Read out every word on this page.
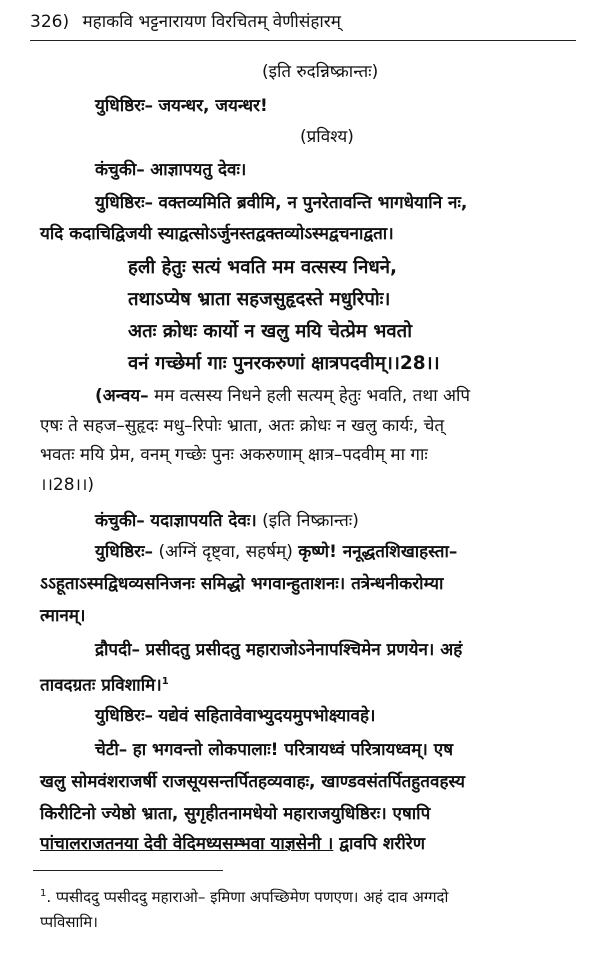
326) महाकवि भट्टनारायण विरचितम् वेणीसंहारम्
(इति रुदन्निष्क्रान्तः)
युधिष्ठिरः– जयन्धर, जयन्धर!
(प्रविश्य)
कंचुकी– आज्ञापयतु देवः।
युधिष्ठिरः– वक्तव्यमिति ब्रवीमि, न पुनरेतावन्ति भागधेयानि नः,
यदि कदाचिद्विजयी स्याद्वत्सोऽर्जुनस्तद्वक्तव्योऽस्मद्वचनाद्वता।
हली हेतुः सत्यं भवति मम वत्सस्य निधने,
तथाऽप्येष भ्राता सहजसुहृदस्ते मधुरिपोः।
अतः क्रोधः कार्यो न खलु मयि चेत्प्रेम भवतो
वनं गच्छेर्मा गाः पुनरकरुणां क्षात्रपदवीम्।।28।।
(अन्वय– मम वत्सस्य निधने हली सत्यम् हेतुः भवति, तथा अपि
एषः ते सहज–सुहृदः मधु–रिपोः भ्राता, अतः क्रोधः न खलु कार्यः, चेत्
भवतः मयि प्रेम, वनम् गच्छेः पुनः अकरुणाम् क्षात्र–पदवीम् मा गाः
।।28।।)
कंचुकी– यदाज्ञापयति देवः। (इति निष्क्रान्तः)
युधिष्ठिरः– (अग्निं दृष्ट्वा, सहर्षम्) कृष्णे! ननूद्धतशिखाहस्ता–
ऽऽहूताऽस्मद्विधव्यसनिजनः समिद्धो भगवान्हुताशनः। तत्रेन्धनीकरोम्या
त्मानम्।
द्रौपदी– प्रसीदतु प्रसीदतु महाराजोऽनेनापश्चिमेन प्रणयेन। अहं
तावदग्रतः प्रविशामि।$^1$
युधिष्ठिरः– यद्येवं सहितावेवाभ्युदयमुपभोक्ष्यावहे।
चेटी– हा भगवन्तो लोकपालाः! परित्रायध्वं परित्रायध्वम्। एष
खलु सोमवंशराजर्षी राजसूयसन्तर्पितहव्यवाहः, खाण्डवसंतर्पितहुतवहस्य
किरीटिनो ज्येष्ठो भ्राता, सुगृहीतनामधेयो महाराजयुधिष्ठिरः। एषापि
पांचालराजतनया देवी वेदिमध्यसम्भवा याज्ञसेनी । द्वावपि शरीरेण
$^1$. प्पसीददु प्पसीददु महाराओ– इमिणा अपच्छिमेण पणएण। अहं दाव अग्गदो
प्पविसामि।
